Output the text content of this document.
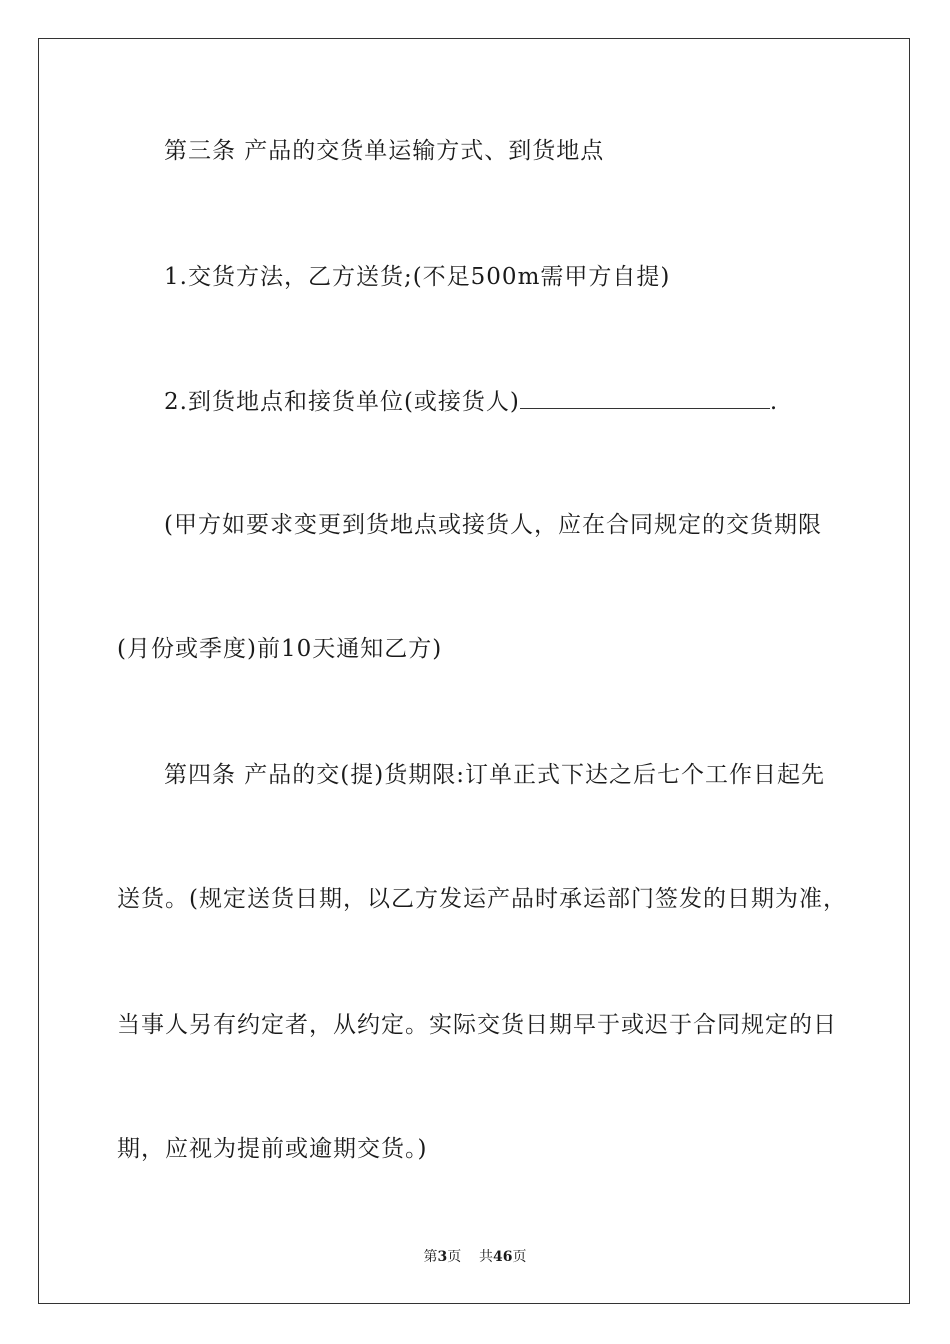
第三条 产品的交货单运输方式、到货地点
1.交货方法，乙方送货;(不足500m需甲方自提)
2.到货地点和接货单位(或接货人)	.
(甲方如要求变更到货地点或接货人，应在合同规定的交货期限
(月份或季度)前10天通知乙方)
第四条 产品的交(提)货期限:订单正式下达之后七个工作日起先
送货。(规定送货日期，以乙方发运产品时承运部门签发的日期为准，
当事人另有约定者，从约定。实际交货日期早于或迟于合同规定的日
期，应视为提前或逾期交货。)
第3页 共46页
